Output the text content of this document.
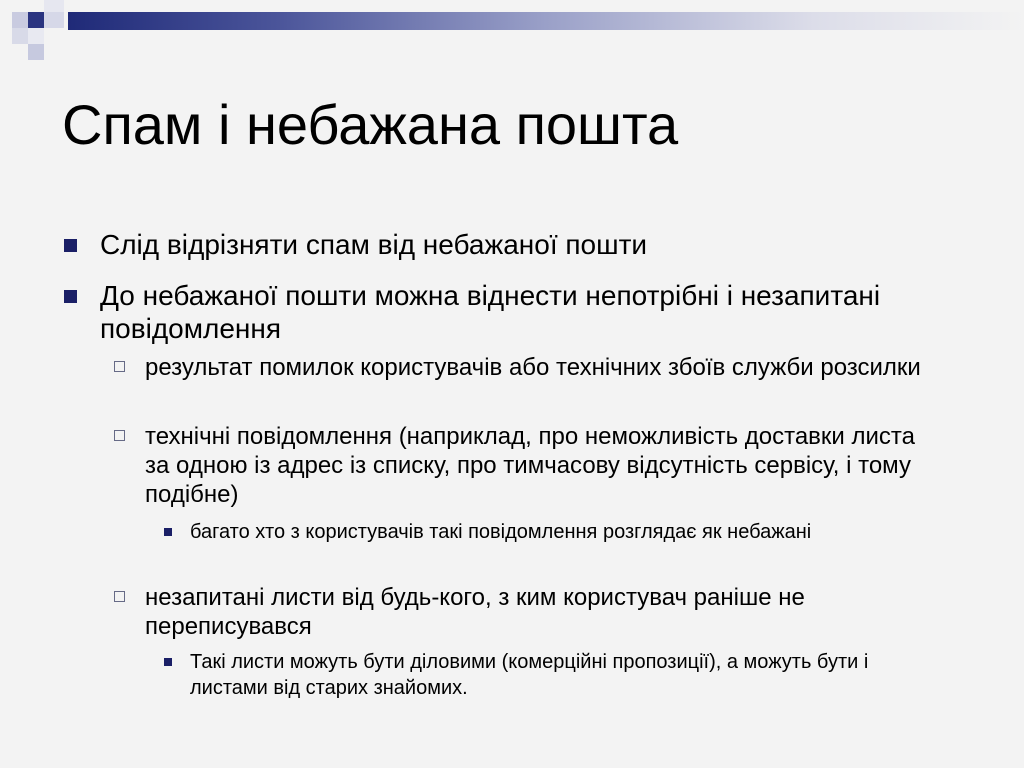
Спам і небажана пошта
Слід відрізняти спам від небажаної пошти
До небажаної пошти можна віднести непотрібні і незапитані повідомлення
результат помилок користувачів або технічних збоїв служби розсилки
технічні повідомлення (наприклад, про неможливість доставки листа за одною із адрес із списку, про тимчасову відсутність сервісу, і тому подібне)
багато хто з користувачів такі повідомлення розглядає як небажані
незапитані листи від будь-кого, з ким користувач раніше не переписувався
Такі листи можуть бути діловими (комерційні пропозиції), а можуть бути і листами від старих знайомих.
